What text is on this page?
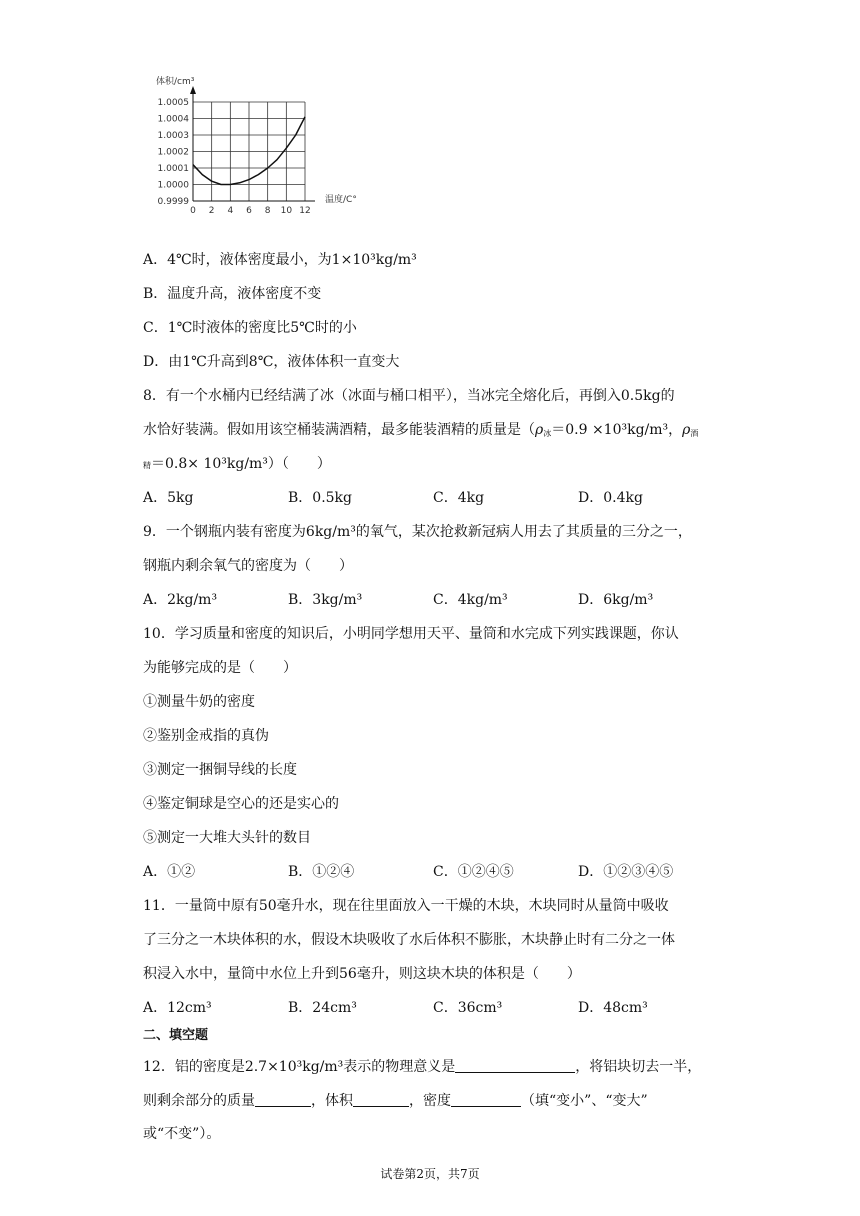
0 2 4 6 8 10 12
0.9999
1.0000
1.0001
1.0002
1.0003
1.0004
1.0005
体积/cm³
温度/C°
A．4℃时，液体密度最小，为1×10³kg/m³
B．温度升高，液体密度不变
C．1℃时液体的密度比5℃时的小
D．由1℃升高到8℃，液体体积一直变大
8．有一个水桶内已经结满了冰（冰面与桶口相平），当冰完全熔化后，再倒入0.5kg的
水恰好装满。假如用该空桶装满酒精，最多能装酒精的质量是（$\rho_冰=0.9 \times 10^3kg/m^3$，$\rho_酒$
精＝0.8× 10³kg/m³）（　　）
A．5kg	B．0.5kg	C．4kg	D．0.4kg
9．一个钢瓶内装有密度为6kg/m³的氧气，某次抢救新冠病人用去了其质量的三分之一，
钢瓶内剩余氧气的密度为（　　）
A．2kg/m³	B．3kg/m³	C．4kg/m³	D．6kg/m³
10．学习质量和密度的知识后，小明同学想用天平、量筒和水完成下列实践课题，你认
为能够完成的是（　　）
①测量牛奶的密度
②鉴别金戒指的真伪
③测定一捆铜导线的长度
④鉴定铜球是空心的还是实心的
⑤测定一大堆大头针的数目
A．①②	B．①②④	C．①②④⑤	D．①②③④⑤
11．一量筒中原有50毫升水，现在往里面放入一干燥的木块，木块同时从量筒中吸收
了三分之一木块体积的水，假设木块吸收了水后体积不膨胀，木块静止时有二分之一体
积浸入水中，量筒中水位上升到56毫升，则这块木块的体积是（　　）
A．12cm³	B．24cm³	C．36cm³	D．48cm³
二、填空题
12．铝的密度是2.7×10³kg/m³表示的物理意义是	，将铝块切去一半，
则剩余部分的质量	，体积	，密度	（填“变小”、“变大”
或“不变”）。
试卷第2页，共7页
